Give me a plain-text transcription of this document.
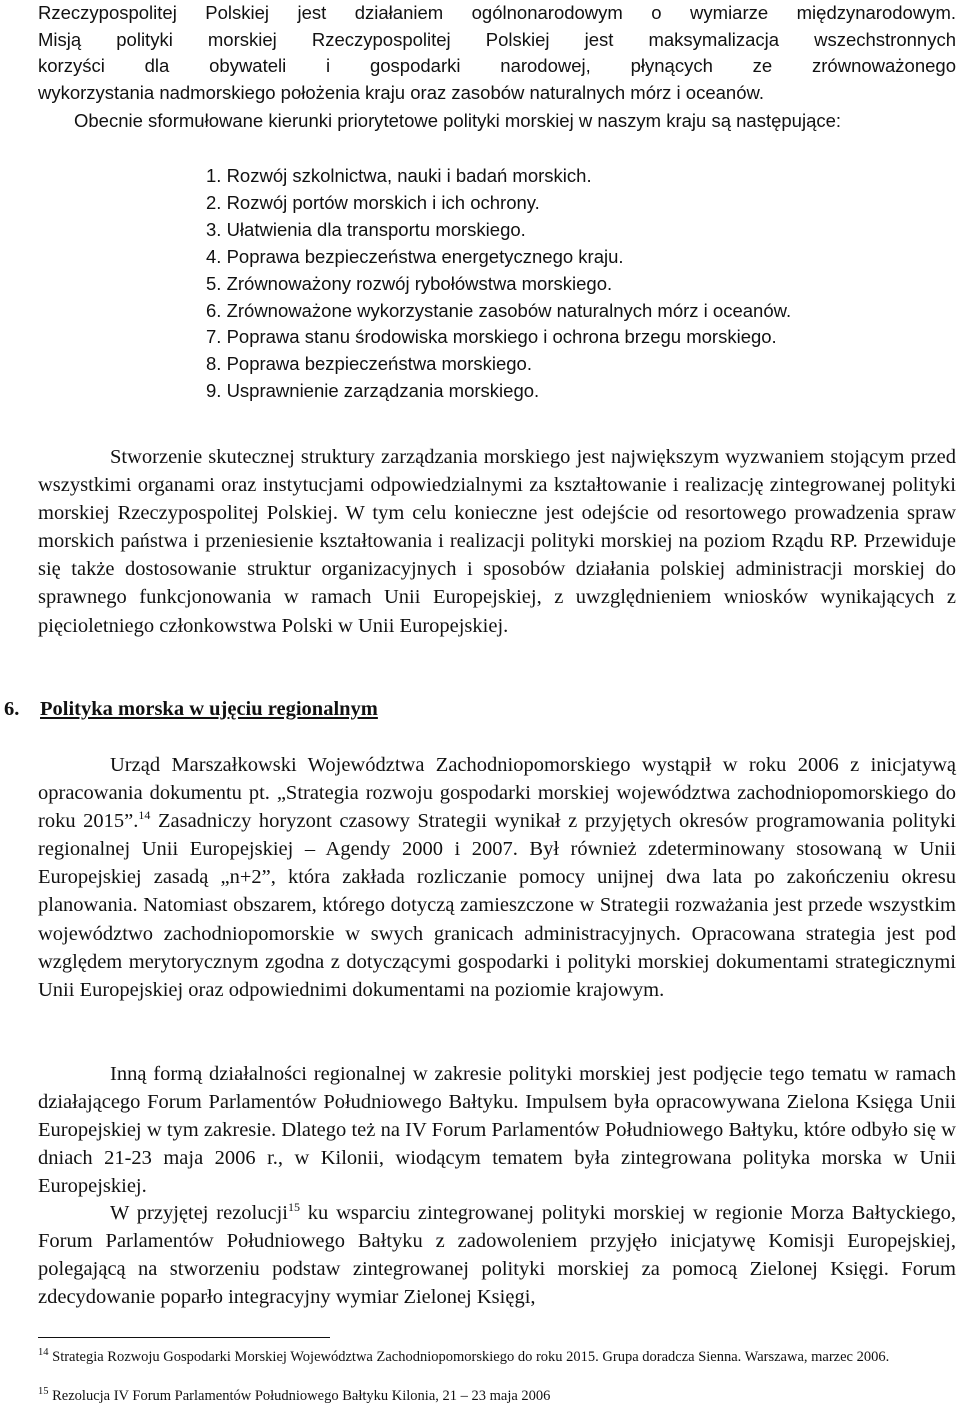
Rzeczypospolitej Polskiej jest działaniem ogólnonarodowym o wymiarze międzynarodowym.
Misją polityki morskiej Rzeczypospolitej Polskiej jest maksymalizacja wszechstronnych
korzyści dla obywateli i gospodarki narodowej, płynących ze zrównoważonego
wykorzystania nadmorskiego położenia kraju oraz zasobów naturalnych mórz i oceanów.

Obecnie sformułowane kierunki priorytetowe polityki morskiej w naszym kraju są następujące:

1. Rozwój szkolnictwa, nauki i badań morskich.
2. Rozwój portów morskich i ich ochrony.
3. Ułatwienia dla transportu morskiego.
4. Poprawa bezpieczeństwa energetycznego kraju.
5. Zrównoważony rozwój rybołówstwa morskiego.
6. Zrównoważone wykorzystanie zasobów naturalnych mórz i oceanów.
7. Poprawa stanu środowiska morskiego i ochrona brzegu morskiego.
8. Poprawa bezpieczeństwa morskiego.
9. Usprawnienie zarządzania morskiego.

Stworzenie skutecznej struktury zarządzania morskiego jest największym wyzwaniem stojącym przed wszystkimi organami oraz instytucjami odpowiedzialnymi za kształtowanie i realizację zintegrowanej polityki morskiej Rzeczypospolitej Polskiej. W tym celu konieczne jest odejście od resortowego prowadzenia spraw morskich państwa i przeniesienie kształtowania i realizacji polityki morskiej na poziom Rządu RP. Przewiduje się także dostosowanie struktur organizacyjnych i sposobów działania polskiej administracji morskiej do sprawnego funkcjonowania w ramach Unii Europejskiej, z uwzględnieniem wniosków wynikających z pięcioletniego członkowstwa Polski w Unii Europejskiej.

6. Polityka morska w ujęciu regionalnym

Urząd Marszałkowski Województwa Zachodniopomorskiego wystąpił w roku 2006 z inicjatywą opracowania dokumentu pt. „Strategia rozwoju gospodarki morskiej województwa zachodniopomorskiego do roku 2015”.$^{14}$ Zasadniczy horyzont czasowy Strategii wynikał z przyjętych okresów programowania polityki regionalnej Unii Europejskiej – Agendy 2000 i 2007. Był również zdeterminowany stosowaną w Unii Europejskiej zasadą „n+2”, która zakłada rozliczanie pomocy unijnej dwa lata po zakończeniu okresu planowania. Natomiast obszarem, którego dotyczą zamieszczone w Strategii rozważania jest przede wszystkim województwo zachodniopomorskie w swych granicach administracyjnych. Opracowana strategia jest pod względem merytorycznym zgodna z dotyczącymi gospodarki i polityki morskiej dokumentami strategicznymi Unii Europejskiej oraz odpowiednimi dokumentami na poziomie krajowym.

Inną formą działalności regionalnej w zakresie polityki morskiej jest podjęcie tego tematu w ramach działającego Forum Parlamentów Południowego Bałtyku. Impulsem była opracowywana Zielona Księga Unii Europejskiej w tym zakresie. Dlatego też na IV Forum Parlamentów Południowego Bałtyku, które odbyło się w dniach 21-23 maja 2006 r., w Kilonii, wiodącym tematem była zintegrowana polityka morska w Unii Europejskiej.

W przyjętej rezolucji$^{15}$ ku wsparciu zintegrowanej polityki morskiej w regionie Morza Bałtyckiego, Forum Parlamentów Południowego Bałtyku z zadowoleniem przyjęło inicjatywę Komisji Europejskiej, polegającą na stworzeniu podstaw zintegrowanej polityki morskiej za pomocą Zielonej Księgi. Forum zdecydowanie poparło integracyjny wymiar Zielonej Księgi,

$^{14}$ Strategia Rozwoju Gospodarki Morskiej Województwa Zachodniopomorskiego do roku 2015. Grupa doradcza Sienna. Warszawa, marzec 2006.
$^{15}$ Rezolucja IV Forum Parlamentów Południowego Bałtyku Kilonia, 21 – 23 maja 2006
